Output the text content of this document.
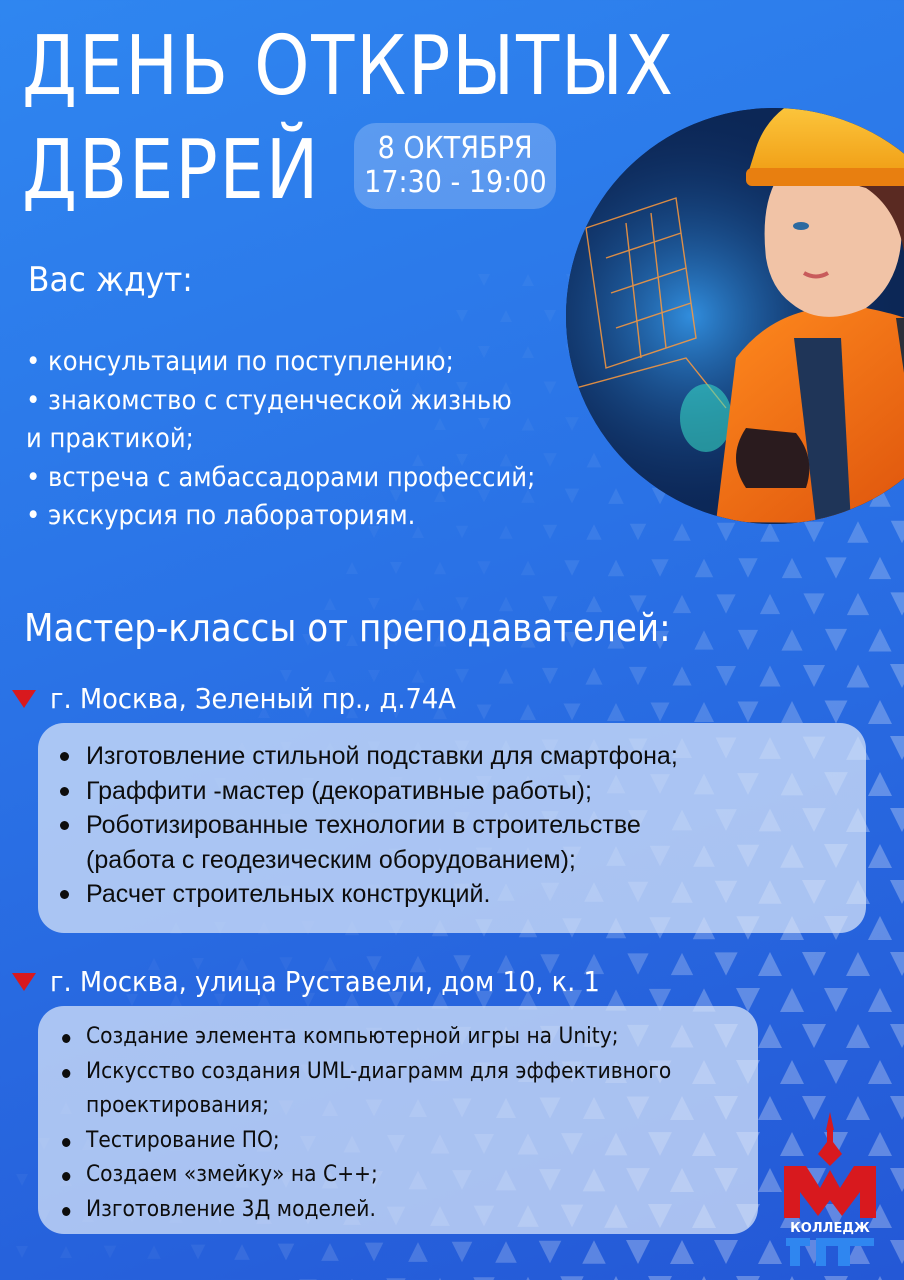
ДЕНЬ ОТКРЫТЫХ
ДВЕРЕЙ 8 ОКТЯБРЯ
17:30 - 19:00
Вас ждут:
• консультации по поступлению;
• знакомство с студенческой жизнью
и практикой;
• встреча с амбассадорами профессий;
• экскурсия по лабораториям.
Мастер-классы от преподавателей:
г. Москва, Зеленый пр., д.74А
Изготовление стильной подставки для смартфона;
Граффити -мастер (декоративные работы);
Роботизированные технологии в строительстве
(работа с геодезическим оборудованием);
Расчет строительных конструкций.
г. Москва, улица Руставели, дом 10, к. 1
Создание элемента компьютерной игры на Unity;
Искусство создания UML-диаграмм для эффективного
проектирования;
Тестирование ПО;
Создаем «змейку» на С++;
Изготовление 3Д моделей.
КОЛЛЕДЖ
